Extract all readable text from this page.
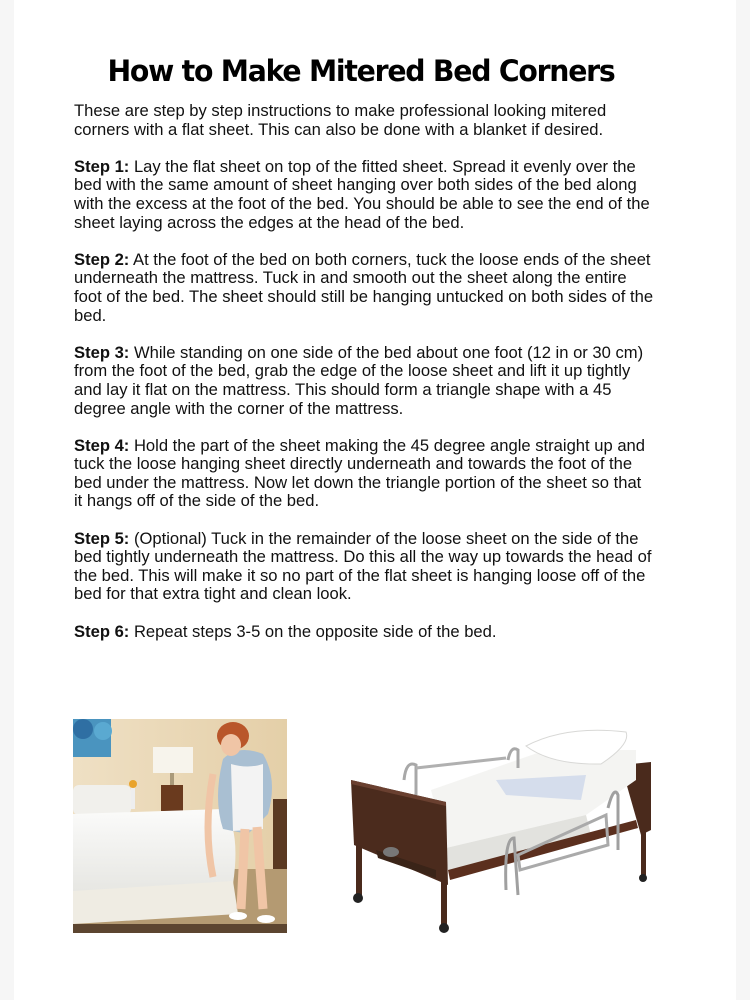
How to Make Mitered Bed Corners

These are step by step instructions to make professional looking mitered corners with a flat sheet. This can also be done with a blanket if desired.

Step 1: Lay the flat sheet on top of the fitted sheet. Spread it evenly over the bed with the same amount of sheet hanging over both sides of the bed along with the excess at the foot of the bed. You should be able to see the end of the sheet laying across the edges at the head of the bed.

Step 2: At the foot of the bed on both corners, tuck the loose ends of the sheet underneath the mattress. Tuck in and smooth out the sheet along the entire foot of the bed. The sheet should still be hanging untucked on both sides of the bed.

Step 3: While standing on one side of the bed about one foot (12 in or 30 cm) from the foot of the bed, grab the edge of the loose sheet and lift it up tightly and lay it flat on the mattress. This should form a triangle shape with a 45 degree angle with the corner of the mattress.

Step 4: Hold the part of the sheet making the 45 degree angle straight up and tuck the loose hanging sheet directly underneath and towards the foot of the bed under the mattress. Now let down the triangle portion of the sheet so that it hangs off of the side of the bed.

Step 5: (Optional) Tuck in the remainder of the loose sheet on the side of the bed tightly underneath the mattress. Do this all the way up towards the head of the bed. This will make it so no part of the flat sheet is hanging loose off of the bed for that extra tight and clean look.

Step 6: Repeat steps 3-5 on the opposite side of the bed.
